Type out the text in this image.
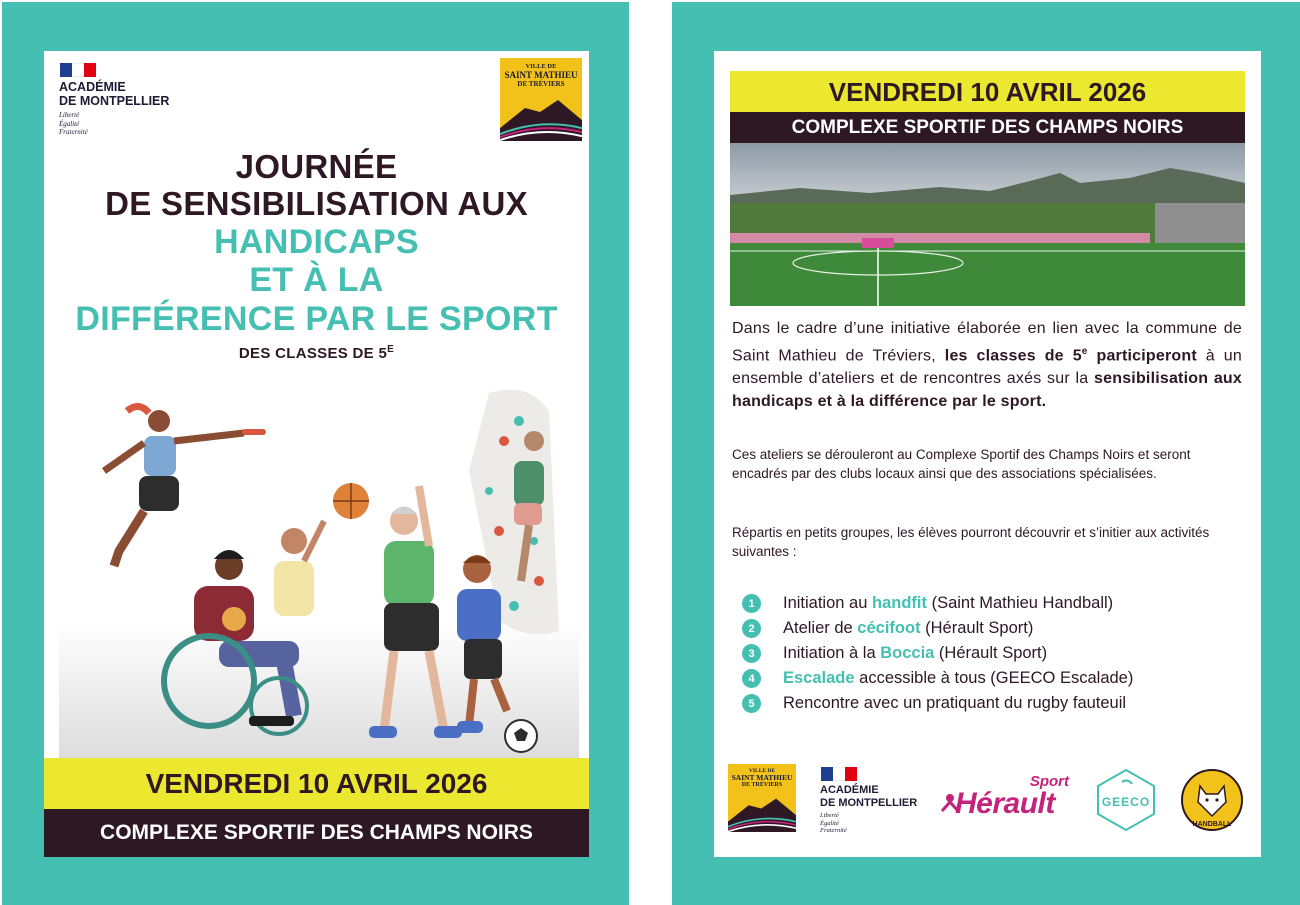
ACADÉMIE
DE MONTPELLIER
Liberté
Égalité
Fraternité
VILLE DE
SAINT MATHIEU
DE TRÉVIERS
JOURNÉE
DE SENSIBILISATION AUX
HANDICAPS
ET À LA
DIFFÉRENCE PAR LE SPORT
DES CLASSES DE $5^E$
VENDREDI 10 AVRIL 2026
COMPLEXE SPORTIF DES CHAMPS NOIRS
VENDREDI 10 AVRIL 2026
COMPLEXE SPORTIF DES CHAMPS NOIRS

Dans le cadre d’une initiative élaborée en lien avec la commune de Saint Mathieu de Tréviers, les classes de 5e participeront à un ensemble d’ateliers et de rencontres axés sur la sensibilisation aux handicaps et à la différence par le sport.

Ces ateliers se dérouleront au Complexe Sportif des Champs Noirs et seront encadrés par des clubs locaux ainsi que des associations spécialisées.

Répartis en petits groupes, les élèves pourront découvrir et s’initier aux activités suivantes :

1	Initiation au handfit (Saint Mathieu Handball)
2	Atelier de cécifoot (Hérault Sport)
3	Initiation à la Boccia (Hérault Sport)
4	Escalade accessible à tous (GEECO Escalade)
5	Rencontre avec un pratiquant du rugby fauteuil
VILLE DE
SAINT MATHIEU
DE TRÉVIERS	ACADÉMIE
DE MONTPELLIER
Liberté
Égalité
Fraternité
Sport
Hérault	GEECO
HANDBALL
